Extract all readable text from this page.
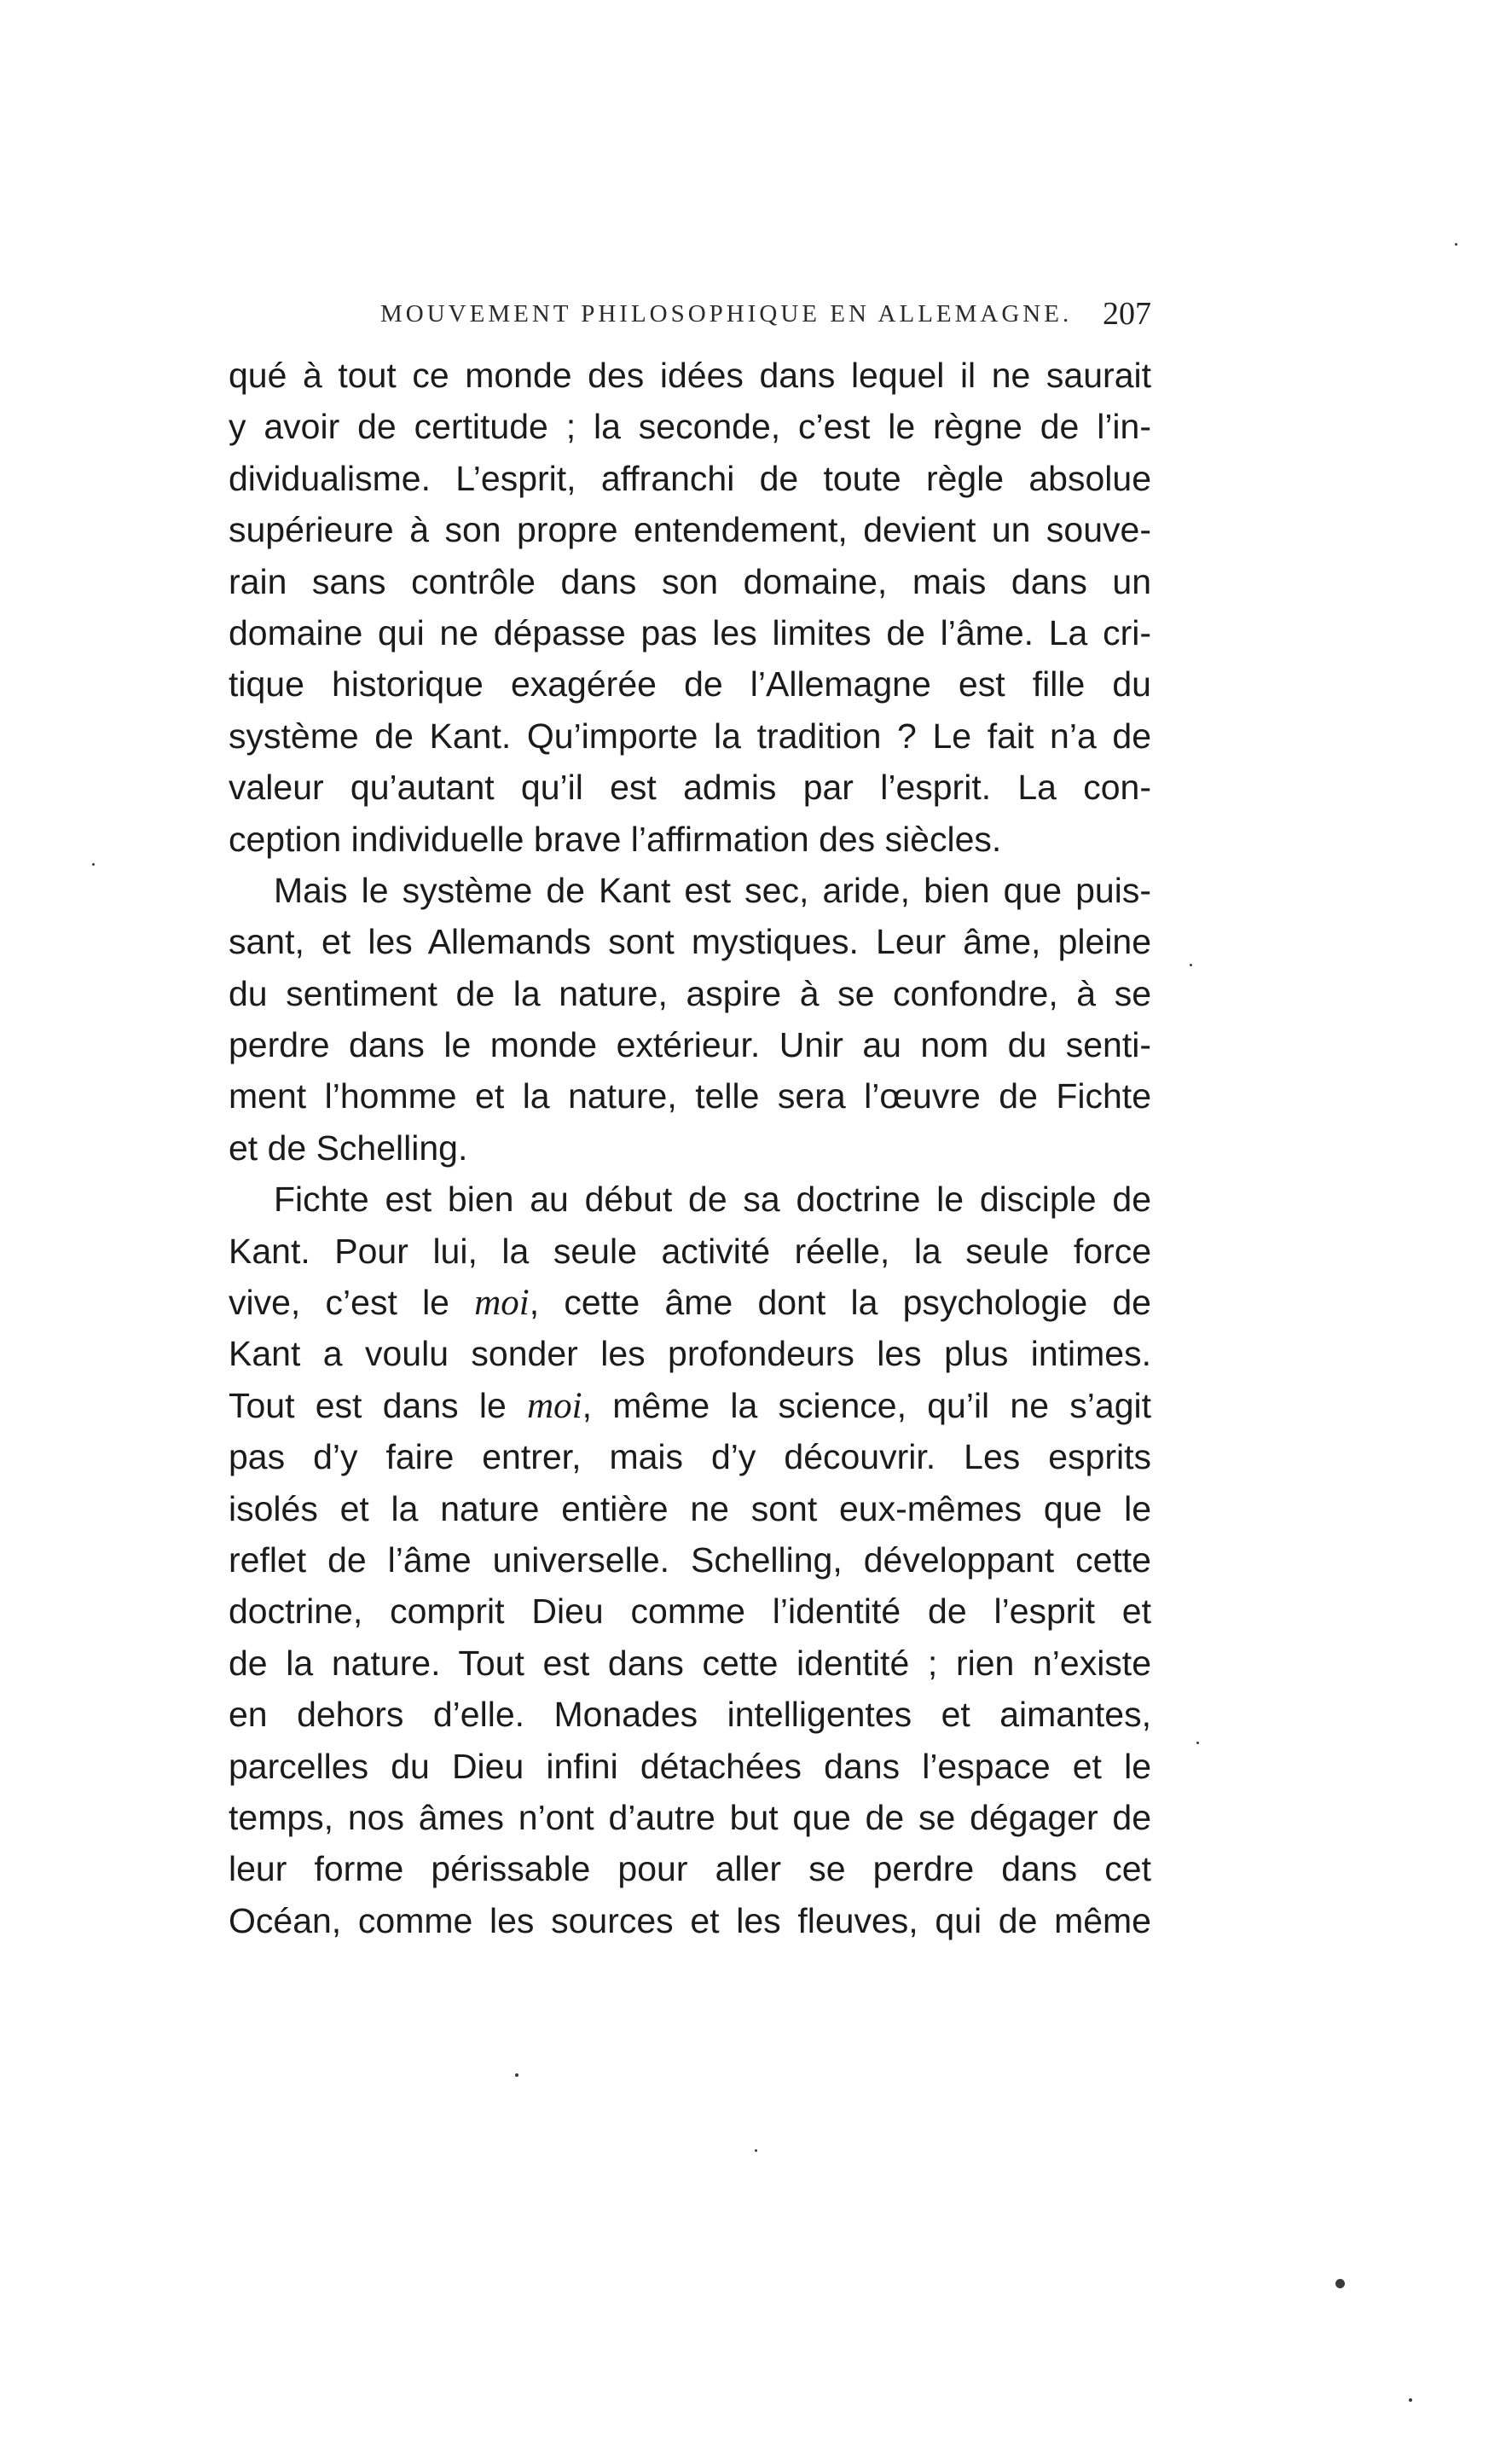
MOUVEMENT PHILOSOPHIQUE EN ALLEMAGNE. 207
qué à tout ce monde des idées dans lequel il ne saurait
y avoir de certitude ; la seconde, c’est le règne de l’in-
dividualisme. L’esprit, affranchi de toute règle absolue
supérieure à son propre entendement, devient un souve-
rain sans contrôle dans son domaine, mais dans un
domaine qui ne dépasse pas les limites de l’âme. La cri-
tique historique exagérée de l’Allemagne est fille du
système de Kant. Qu’importe la tradition ? Le fait n’a de
valeur qu’autant qu’il est admis par l’esprit. La con-
ception individuelle brave l’affirmation des siècles.
Mais le système de Kant est sec, aride, bien que puis-
sant, et les Allemands sont mystiques. Leur âme, pleine
du sentiment de la nature, aspire à se confondre, à se
perdre dans le monde extérieur. Unir au nom du senti-
ment l’homme et la nature, telle sera l’œuvre de Fichte
et de Schelling.
Fichte est bien au début de sa doctrine le disciple de
Kant. Pour lui, la seule activité réelle, la seule force
vive, c’est le moi, cette âme dont la psychologie de
Kant a voulu sonder les profondeurs les plus intimes.
Tout est dans le moi, même la science, qu’il ne s’agit
pas d’y faire entrer, mais d’y découvrir. Les esprits
isolés et la nature entière ne sont eux-mêmes que le
reflet de l’âme universelle. Schelling, développant cette
doctrine, comprit Dieu comme l’identité de l’esprit et
de la nature. Tout est dans cette identité ; rien n’existe
en dehors d’elle. Monades intelligentes et aimantes,
parcelles du Dieu infini détachées dans l’espace et le
temps, nos âmes n’ont d’autre but que de se dégager de
leur forme périssable pour aller se perdre dans cet
Océan, comme les sources et les fleuves, qui de même
